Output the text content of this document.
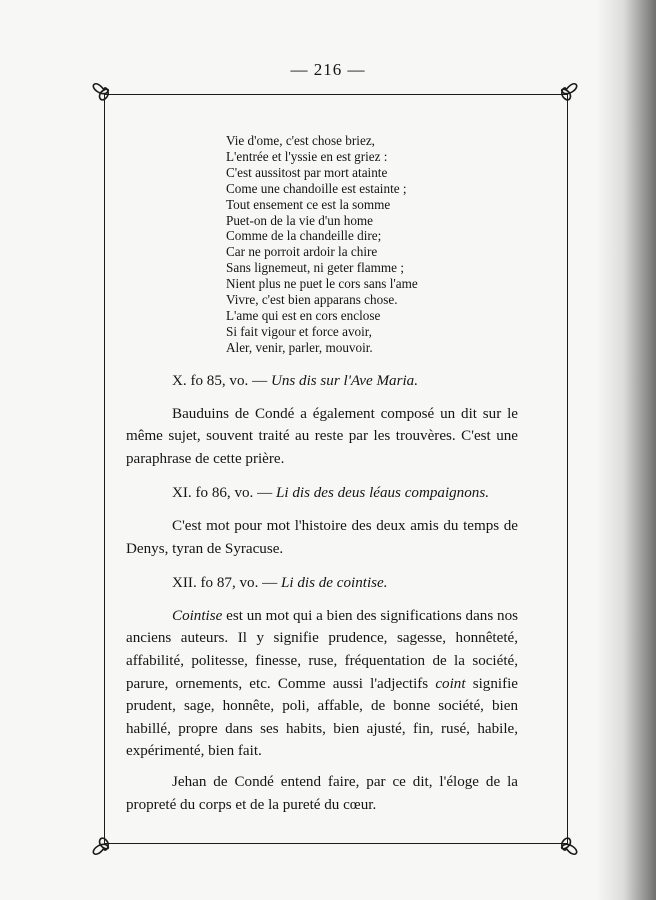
— 216 —
Vie d'ome, c'est chose briez,
L'entrée et l'yssie en est griez :
C'est aussitost par mort atainte
Come une chandoille est estainte ;
Tout ensement ce est la somme
Puet-on de la vie d'un home
Comme de la chandeille dire;
Car ne porroit ardoir la chire
Sans lignemeut, ni geter flamme ;
Nient plus ne puet le cors sans l'ame
Vivre, c'est bien apparans chose.
L'ame qui est en cors enclose
Si fait vigour et force avoir,
Aler, venir, parler, mouvoir.
X. fo 85, vo. — Uns dis sur l'Ave Maria.

Bauduins de Condé a également composé un dit sur le même sujet, souvent traité au reste par les trouvères. C'est une paraphrase de cette prière.

XI. fo 86, vo. — Li dis des deus léaus compaignons.

C'est mot pour mot l'histoire des deux amis du temps de Denys, tyran de Syracuse.

XII. fo 87, vo. — Li dis de cointise.

Cointise est un mot qui a bien des significations dans nos anciens auteurs. Il y signifie prudence, sagesse, honnêteté, affabilité, politesse, finesse, ruse, fréquentation de la société, parure, ornements, etc. Comme aussi l'adjectifs coint signifie prudent, sage, honnête, poli, affable, de bonne société, bien habillé, propre dans ses habits, bien ajusté, fin, rusé, habile, expérimenté, bien fait.

Jehan de Condé entend faire, par ce dit, l'éloge de la propreté du corps et de la pureté du cœur.
